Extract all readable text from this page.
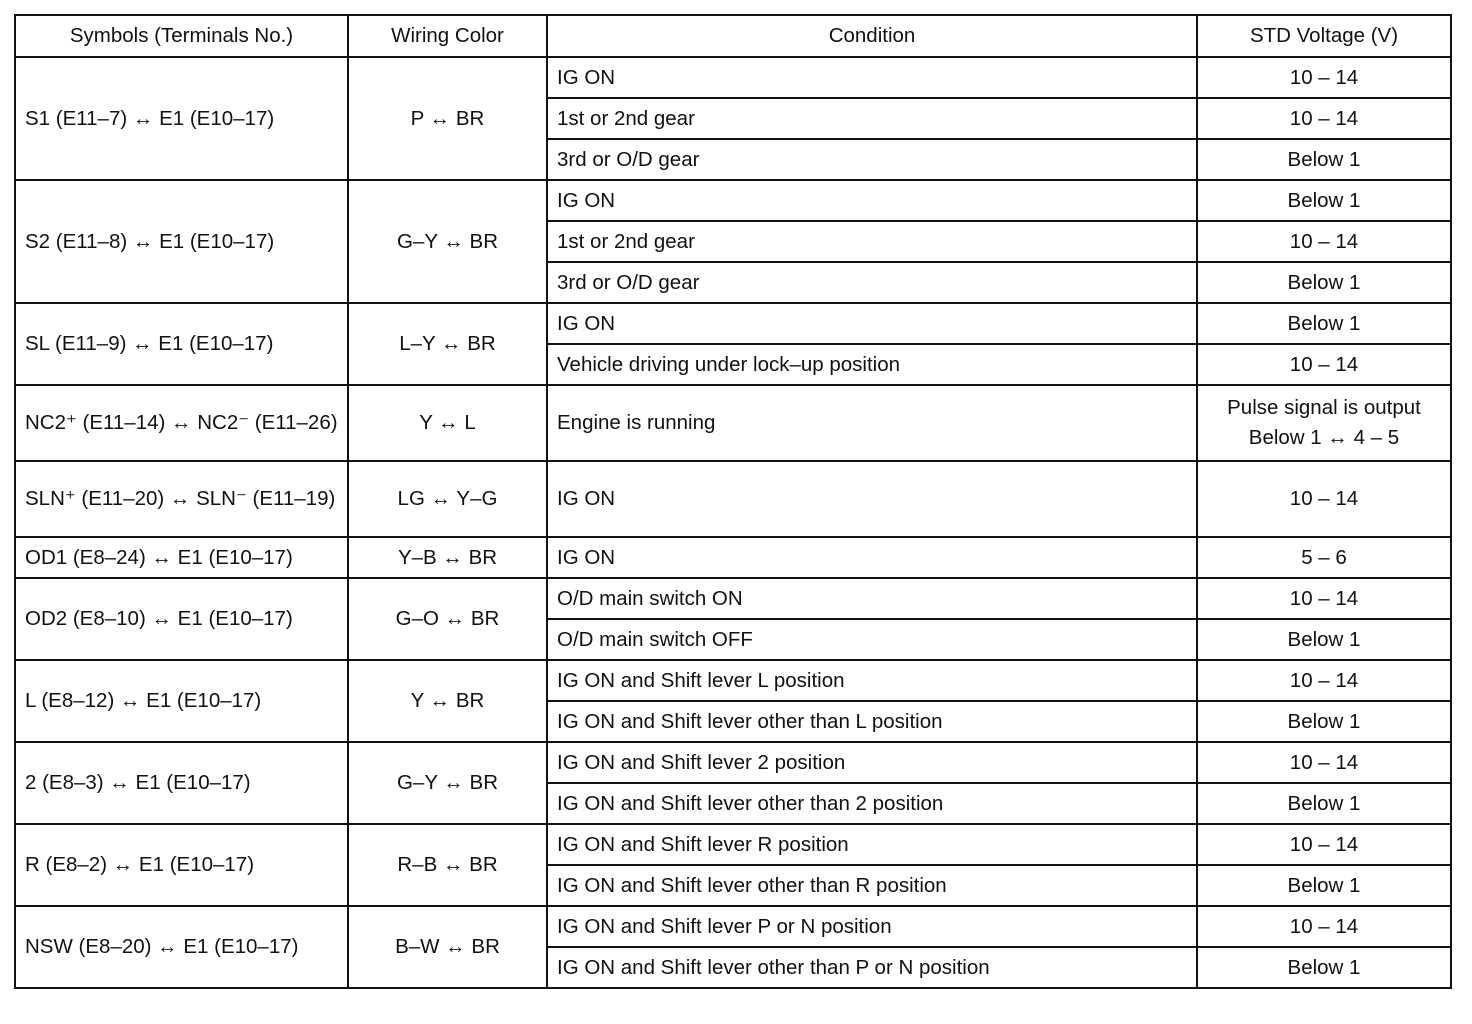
Symbols (Terminals No.)	Wiring Color	Condition	STD Voltage (V)
S1 (E11–7) ↔ E1 (E10–17)	P ↔ BR	IG ON	10 – 14
		1st or 2nd gear	10 – 14
		3rd or O/D gear	Below 1
S2 (E11–8) ↔ E1 (E10–17)	G–Y ↔ BR	IG ON	Below 1
		1st or 2nd gear	10 – 14
		3rd or O/D gear	Below 1
SL (E11–9) ↔ E1 (E10–17)	L–Y ↔ BR	IG ON	Below 1
		Vehicle driving under lock–up position	10 – 14
NC2⁺ (E11–14) ↔ NC2⁻ (E11–26)	Y ↔ L	Engine is running	Pulse signal is output
Below 1 ↔ 4 – 5

SLN⁺ (E11–20) ↔ SLN⁻ (E11–19)	LG ↔ Y–G	IG ON	10 – 14
OD1 (E8–24) ↔ E1 (E10–17)	Y–B ↔ BR	IG ON	5 – 6
OD2 (E8–10) ↔ E1 (E10–17)	G–O ↔ BR	O/D main switch ON	10 – 14
		O/D main switch OFF	Below 1
L (E8–12) ↔ E1 (E10–17)	Y ↔ BR	IG ON and Shift lever L position	10 – 14
		IG ON and Shift lever other than L position	Below 1
2 (E8–3) ↔ E1 (E10–17)	G–Y ↔ BR	IG ON and Shift lever 2 position	10 – 14
		IG ON and Shift lever other than 2 position	Below 1
R (E8–2) ↔ E1 (E10–17)	R–B ↔ BR	IG ON and Shift lever R position	10 – 14
		IG ON and Shift lever other than R position	Below 1
NSW (E8–20) ↔ E1 (E10–17)	B–W ↔ BR	IG ON and Shift lever P or N position	10 – 14
		IG ON and Shift lever other than P or N position	Below 1
